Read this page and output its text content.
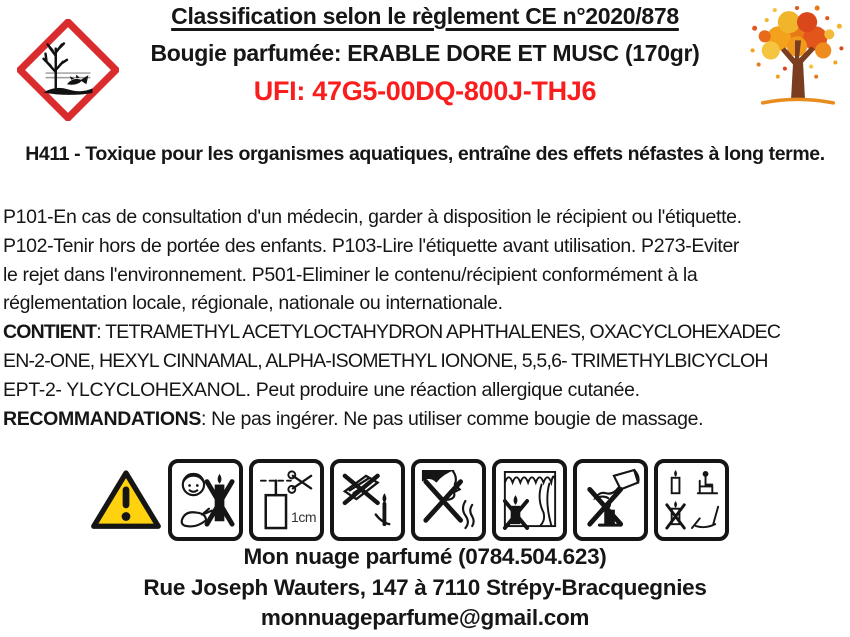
Classification selon le règlement CE n°2020/878
Bougie parfumée: ERABLE DORE ET MUSC (170gr)
UFI: 47G5-00DQ-800J-THJ6
H411 - Toxique pour les organismes aquatiques, entraîne des effets néfastes à long terme.
P101-En cas de consultation d'un médecin, garder à disposition le récipient ou l'étiquette.
P102-Tenir hors de portée des enfants. P103-Lire l'étiquette avant utilisation. P273-Eviter
le rejet dans l'environnement. P501-Eliminer le contenu/récipient conformément à la
réglementation locale, régionale, nationale ou internationale.
CONTIENT: TETRAMETHYL ACETYLOCTAHYDRON APHTHALENES, OXACYCLOHEXADEC
EN-2-ONE, HEXYL CINNAMAL, ALPHA-ISOMETHYL IONONE, 5,5,6- TRIMETHYLBICYCLOH
EPT-2- YLCYCLOHEXANOL. Peut produire une réaction allergique cutanée.
RECOMMANDATIONS: Ne pas ingérer. Ne pas utiliser comme bougie de massage.
1cm
Mon nuage parfumé (0784.504.623)
Rue Joseph Wauters, 147 à 7110 Strépy-Bracquegnies
monnuageparfume@gmail.com
